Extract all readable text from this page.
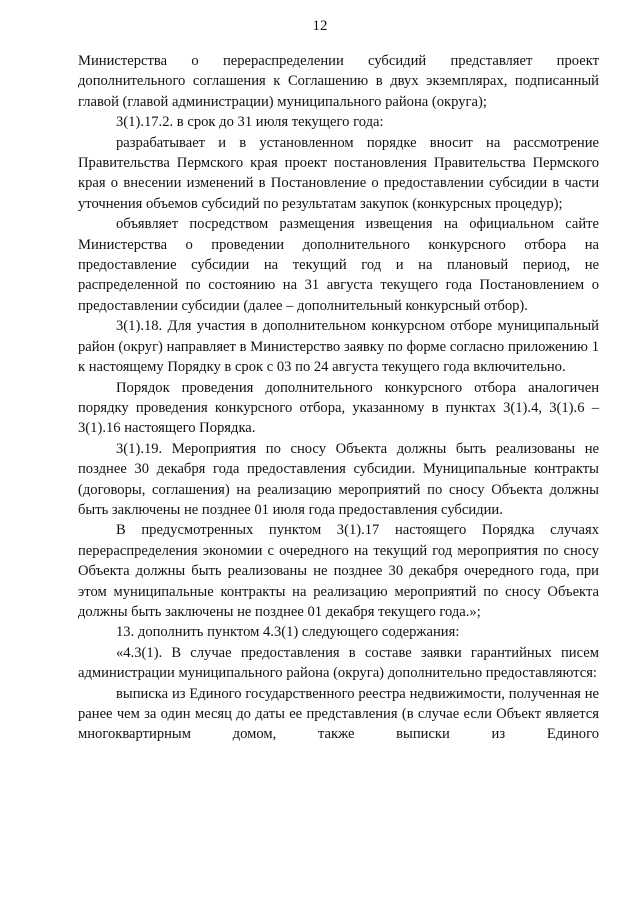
12

Министерства о перераспределении субсидий представляет проект дополнительного соглашения к Соглашению в двух экземплярах, подписанный главой (главой администрации) муниципального района (округа);

3(1).17.2. в срок до 31 июля текущего года:

разрабатывает и в установленном порядке вносит на рассмотрение Правительства Пермского края проект постановления Правительства Пермского края о внесении изменений в Постановление о предоставлении субсидии в части уточнения объемов субсидий по результатам закупок (конкурсных процедур);

объявляет посредством размещения извещения на официальном сайте Министерства о проведении дополнительного конкурсного отбора на предоставление субсидии на текущий год и на плановый период, не распределенной по состоянию на 31 августа текущего года Постановлением о предоставлении субсидии (далее – дополнительный конкурсный отбор).

3(1).18. Для участия в дополнительном конкурсном отборе муниципальный район (округ) направляет в Министерство заявку по форме согласно приложению 1 к настоящему Порядку в срок с 03 по 24 августа текущего года включительно.

Порядок проведения дополнительного конкурсного отбора аналогичен порядку проведения конкурсного отбора, указанному в пунктах 3(1).4, 3(1).6 – 3(1).16 настоящего Порядка.

3(1).19. Мероприятия по сносу Объекта должны быть реализованы не позднее 30 декабря года предоставления субсидии. Муниципальные контракты (договоры, соглашения) на реализацию мероприятий по сносу Объекта должны быть заключены не позднее 01 июля года предоставления субсидии.

В предусмотренных пунктом 3(1).17 настоящего Порядка случаях перераспределения экономии с очередного на текущий год мероприятия по сносу Объекта должны быть реализованы не позднее 30 декабря очередного года, при этом муниципальные контракты на реализацию мероприятий по сносу Объекта должны быть заключены не позднее 01 декабря текущего года.»;

13. дополнить пунктом 4.3(1) следующего содержания:

«4.3(1). В случае предоставления в составе заявки гарантийных писем администрации муниципального района (округа) дополнительно предоставляются:

выписка из Единого государственного реестра недвижимости, полученная не ранее чем за один месяц до даты ее представления (в случае если Объект является многоквартирным домом, также выписки из Единого
